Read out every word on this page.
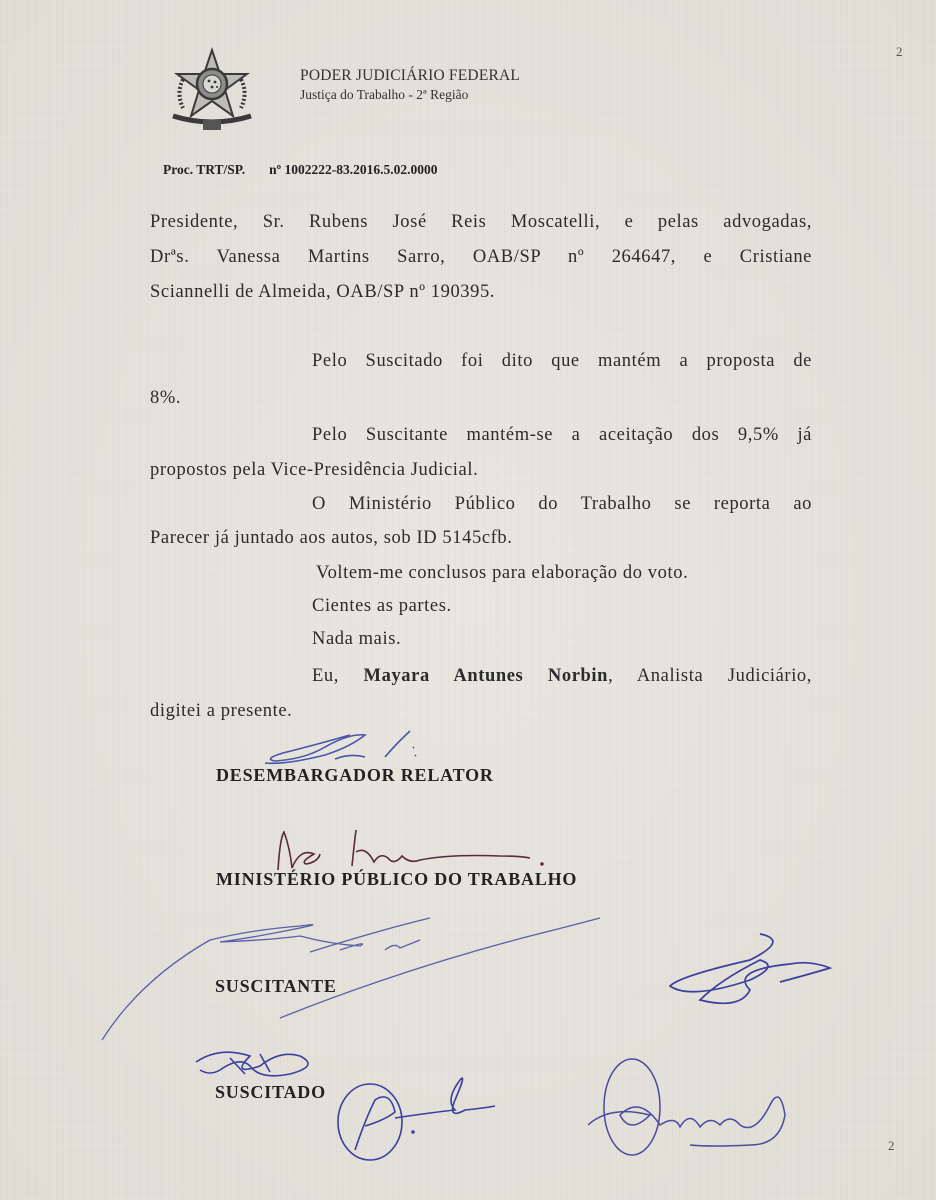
2
2
PODER JUDICIÁRIO FEDERAL
Justiça do Trabalho - 2ª Região
Proc. TRT/SP. nº 1002222-83.2016.5.02.0000
Presidente, Sr. Rubens José Reis Moscatelli, e pelas advogadas,
Drªs. Vanessa Martins Sarro, OAB/SP nº 264647, e Cristiane
Sciannelli de Almeida, OAB/SP nº 190395.
Pelo Suscitado foi dito que mantém a proposta de
8%.
Pelo Suscitante mantém-se a aceitação dos 9,5% já
propostos pela Vice-Presidência Judicial.
O Ministério Público do Trabalho se reporta ao
Parecer já juntado aos autos, sob ID 5145cfb.
Voltem-me conclusos para elaboração do voto.
Cientes as partes.
Nada mais.
Eu, Mayara Antunes Norbin, Analista Judiciário,
digitei a presente.
DESEMBARGADOR RELATOR
MINISTÉRIO PÚBLICO DO TRABALHO
SUSCITANTE
SUSCITADO
